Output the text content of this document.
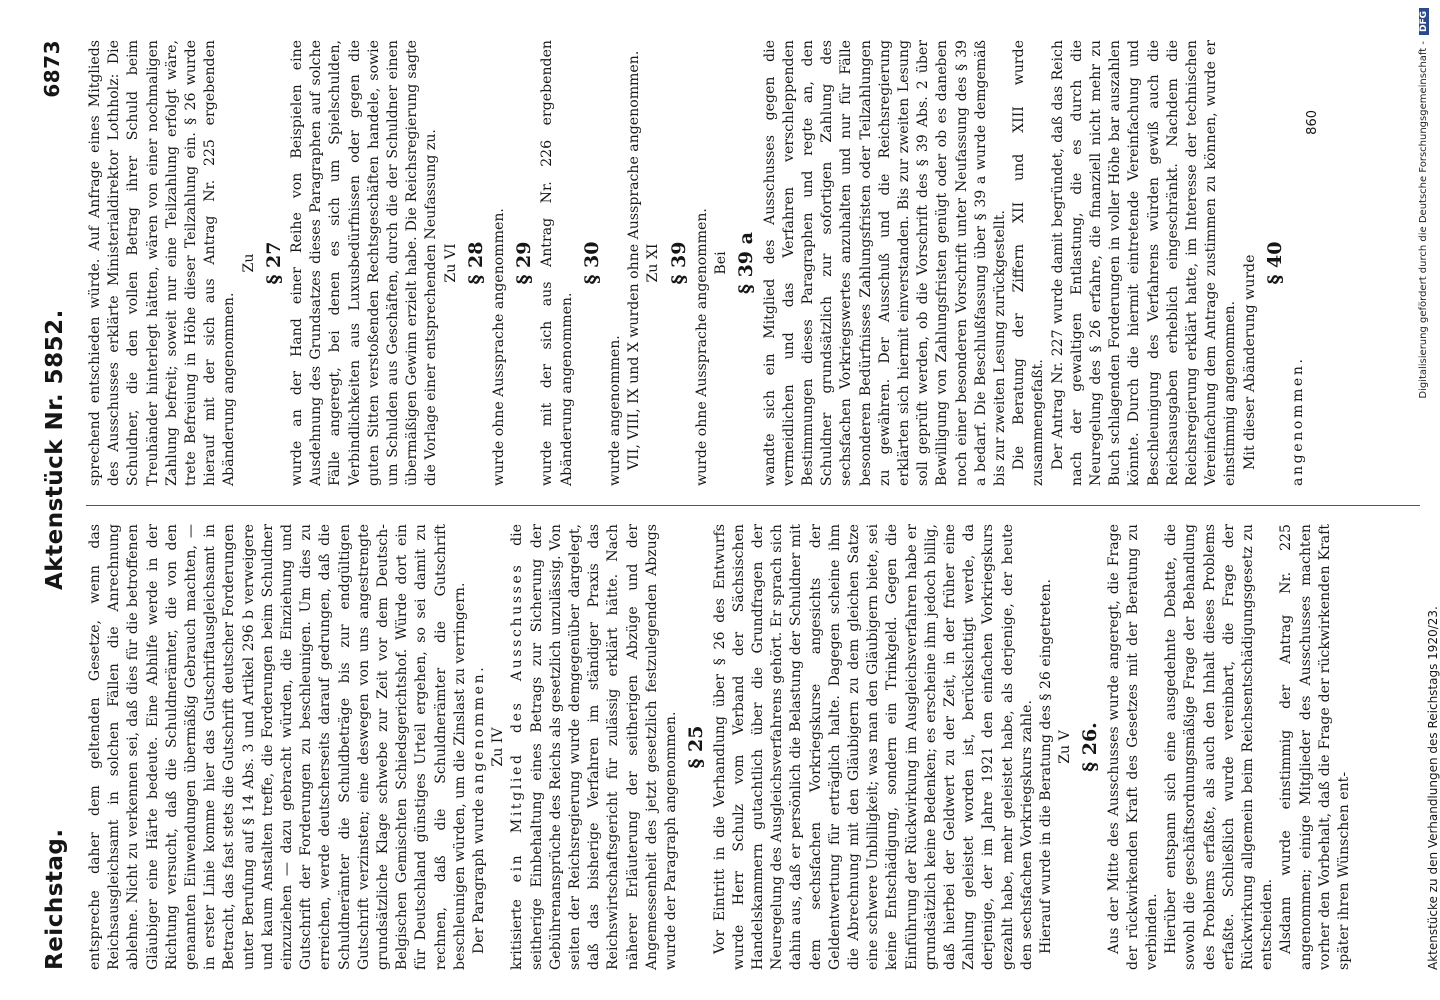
Reichstag.
Aktenstück Nr. 5852.
6873

entspreche daher dem geltenden Gesetze, wenn das Reichsausgleichsamt in solchen Fällen die Anrechnung ablehne. Nicht zu verkennen sei, daß dies für die betroffenen Gläubiger eine Härte bedeute. Eine Abhilfe werde in der Richtung versucht, daß die Schuldnerämter, die von den genannten Einwendungen übermäßig Gebrauch machten, — in erster Linie komme hier das Gutschriftausgleichsamt in Betracht, das fast stets die Gutschrift deutscher Forderungen unter Berufung auf § 14 Abs. 3 und Artikel 296 b verweigere und kaum Anstalten treffe, die Forderungen beim Schuldner einzuziehen — dazu gebracht würden, die Einziehung und Gutschrift der Forderungen zu beschleunigen. Um dies zu erreichen, werde deutscherseits darauf gedrungen, daß die Schuldnerämter die Schuldbeträge bis zur endgültigen Gutschrift verzinsten; eine deswegen von uns angestrengte grundsätzliche Klage schwebe zur Zeit vor dem Deutsch-Belgischen Gemischten Schiedsgerichtshof. Würde dort ein für Deutschland günstiges Urteil ergehen, so sei damit zu rechnen, daß die Schuldnerämter die Gutschrift beschleunigen würden, um die Zinslast zu verringern. Der Paragraph wurde angenommen. Zu IV

kritisierte ein Mitglied des Ausschusses die seitherige Einbehaltung eines Betrags zur Sicherung der Gebührenansprüche des Reichs als gesetzlich unzulässig. Von seiten der Reichsregierung wurde demgegenüber dargelegt, daß das bisherige Verfahren im ständiger Praxis das Reichswirtschaftsgericht für zulässig erklärt hätte. Nach näherer Erläuterung der seitherigen Abzüge und der Angemessenheit des jetzt gesetzlich festzulegenden Abzugs wurde der Paragraph angenommen. § 25 Vor Eintritt in die Verhandlung über § 26 des Entwurfs wurde Herr Schulz vom Verband der Sächsischen Handelskammern gutachtlich über die Grundfragen der Neuregelung des Ausgleichsverfahrens gehört. Er sprach sich dahin aus, daß er persönlich die Belastung der Schuldner mit dem sechsfachen Vorkriegskurse angesichts der Geldentwertung für erträglich halte. Dagegen scheine ihm die Abrechnung mit den Gläubigern zu dem gleichen Satze eine schwere Unbilligkeit; was man den Gläubigern biete, sei keine Entschädigung, sondern ein Trinkgeld. Gegen die Einführung der Rückwirkung im Ausgleichsverfahren habe er grundsätzlich keine Bedenken; es erscheine ihm jedoch billig, daß hierbei der Geldwert zu der Zeit, in der früher eine Zahlung geleistet worden ist, berücksichtigt werde, da derjenige, der im Jahre 1921 den einfachen Vorkriegskurs gezahlt habe, mehr geleistet habe, als derjenige, der heute den sechsfachen Vorkriegskurs zahle. Hierauf wurde in die Beratung des § 26 eingetreten. Zu V § 26. Aus der Mitte des Ausschusses wurde angeregt, die Frage der rückwirkenden Kraft des Gesetzes mit der Beratung zu verbinden. Hierüber entspann sich eine ausgedehnte Debatte, die sowohl die geschäftsordnungsmäßige Frage der Behandlung des Problems erfaßte, als auch den Inhalt dieses Problems erfaßte. Schließlich wurde vereinbart, die Frage der Rückwirkung allgemein beim Reichsentschädigungsgesetz zu entscheiden. Alsdann wurde einstimmig der Antrag Nr. 225 angenommen; einige Mitglieder des Ausschusses machten vorher den Vorbehalt, daß die Frage der rückwirkenden Kraft später ihren Wünschen ent-	Aktenstücke zu den Verhandlungen des Reichstags 1920/23.

sprechend entschieden würde. Auf Anfrage eines Mitglieds des Ausschusses erklärte Ministerialdirektor Lothholz: Die Schuldner, die den vollen Betrag ihrer Schuld beim Treuhänder hinterlegt hätten, wären von einer nochmaligen Zahlung befreit; soweit nur eine Teilzahlung erfolgt wäre, trete Befreiung in Höhe dieser Teilzahlung ein. § 26 wurde hierauf mit der sich aus Antrag Nr. 225 ergebenden Abänderung angenommen.

Zu § 27 wurde an der Hand einer Reihe von Beispielen eine Ausdehnung des Grundsatzes dieses Paragraphen auf solche Fälle angeregt, bei denen es sich um Spielschulden, Verbindlichkeiten aus Luxusbedürfnissen oder gegen die guten Sitten verstoßenden Rechtsgeschäften handele, sowie um Schulden aus Geschäften, durch die der Schuldner einen übermäßigen Gewinn erzielt habe. Die Reichsregierung sagte die Vorlage einer entsprechenden Neufassung zu. Zu VI § 28 wurde ohne Aussprache angenommen. § 29 wurde mit der sich aus Antrag Nr. 226 ergebenden Abänderung angenommen.

§ 30

wurde angenommen. VII, VIII, IX und X wurden ohne Aussprache angenommen. Zu XI § 39 wurde ohne Aussprache angenommen. Bei § 39 a wandte sich ein Mitglied des Ausschusses gegen die vermeidlichen und das Verfahren verschleppenden Bestimmungen dieses Paragraphen und regte an, den Schuldner grundsätzlich zur sofortigen Zahlung des sechsfachen Vorkriegswertes anzuhalten und nur für Fälle besonderen Bedürfnisses Zahlungsfristen oder Teilzahlungen zu gewähren. Der Ausschuß und die Reichsregierung erklärten sich hiermit einverstanden. Bis zur zweiten Lesung soll geprüft werden, ob die Vorschrift des § 39 Abs. 2 über Bewilligung von Zahlungsfristen genügt oder ob es daneben noch einer besonderen Vorschrift unter Neufassung des § 39 a bedarf. Die Beschlußfassung über § 39 a wurde demgemäß bis zur zweiten Lesung zurückgestellt. Die Beratung der Ziffern XII und XIII wurde zusammengefaßt. Der Antrag Nr. 227 wurde damit begründet, daß das Reich nach der gewaltigen Entlastung, die es durch die Neuregelung des § 26 erfahre, die finanziell nicht mehr zu Buch schlagenden Forderungen in voller Höhe bar auszahlen könnte. Durch die hiermit eintretende Vereinfachung und Beschleunigung des Verfahrens würden gewiß auch die Reichsausgaben erheblich eingeschränkt. Nachdem die Reichsregierung erklärt hatte, im Interesse der technischen Vereinfachung dem Antrage zustimmen zu können, wurde er einstimmig angenommen. Mit dieser Abänderung wurde § 40

angenommen.

860	Digitalisierung gefördert durch die Deutsche Forschungsgemeinschaft -DFG
